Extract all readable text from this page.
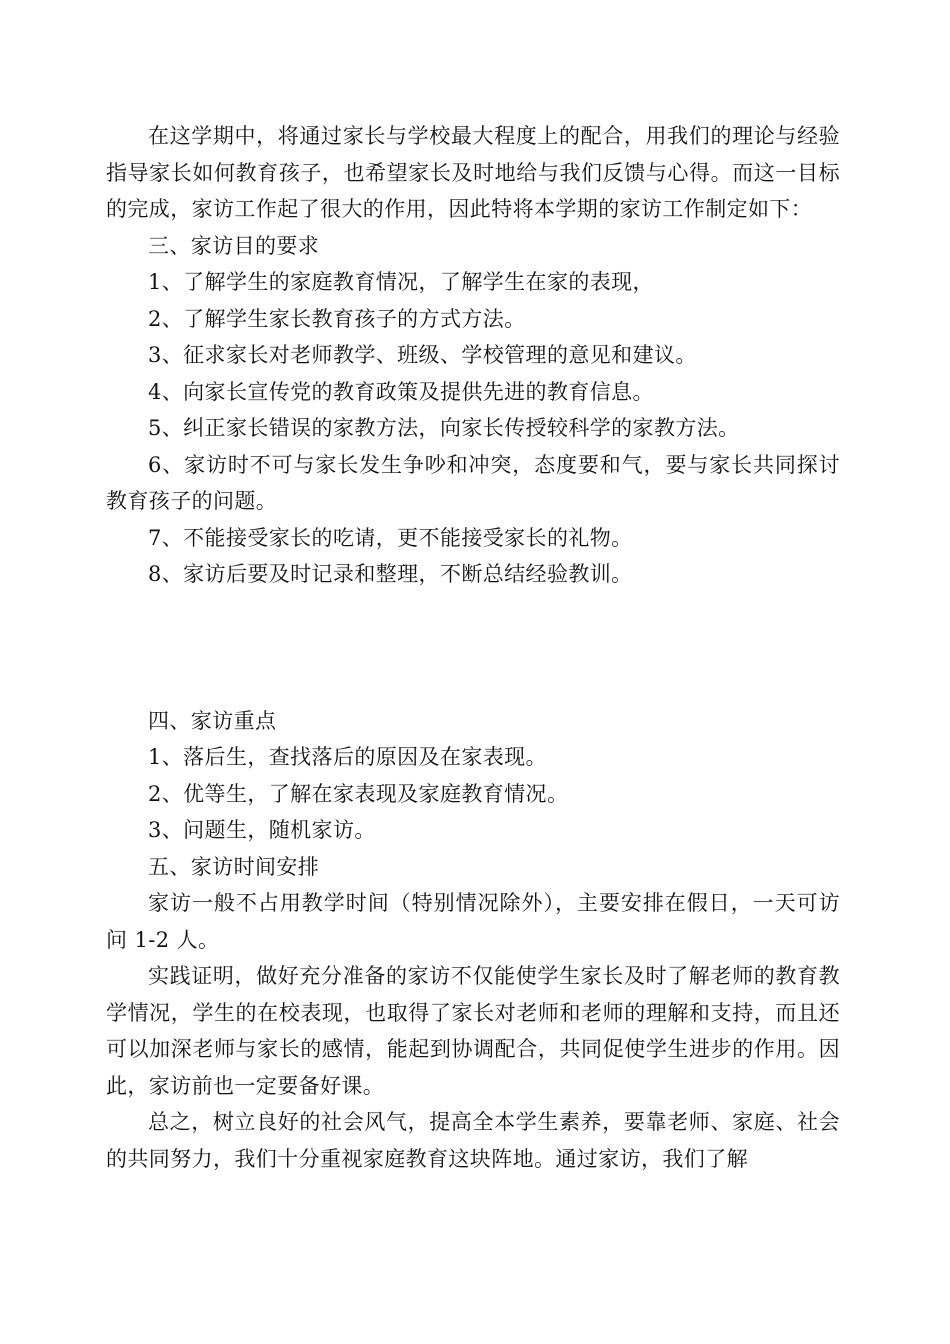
在这学期中，将通过家长与学校最大程度上的配合，用我们的理论与经验指导家长如何教育孩子，也希望家长及时地给与我们反馈与心得。而这一目标的完成，家访工作起了很大的作用，因此特将本学期的家访工作制定如下：

三、家访目的要求

1、了解学生的家庭教育情况，了解学生在家的表现，

2、了解学生家长教育孩子的方式方法。

3、征求家长对老师教学、班级、学校管理的意见和建议。

4、向家长宣传党的教育政策及提供先进的教育信息。

5、纠正家长错误的家教方法，向家长传授较科学的家教方法。

6、家访时不可与家长发生争吵和冲突，态度要和气，要与家长共同探讨教育孩子的问题。

7、不能接受家长的吃请，更不能接受家长的礼物。

8、家访后要及时记录和整理，不断总结经验教训。

四、家访重点

1、落后生，查找落后的原因及在家表现。

2、优等生，了解在家表现及家庭教育情况。

3、问题生，随机家访。

五、家访时间安排

家访一般不占用教学时间（特别情况除外），主要安排在假日，一天可访问 1-2 人。

实践证明，做好充分准备的家访不仅能使学生家长及时了解老师的教育教学情况，学生的在校表现，也取得了家长对老师和老师的理解和支持，而且还可以加深老师与家长的感情，能起到协调配合，共同促使学生进步的作用。因此，家访前也一定要备好课。

总之，树立良好的社会风气，提高全本学生素养，要靠老师、家庭、社会的共同努力，我们十分重视家庭教育这块阵地。通过家访，我们了解
